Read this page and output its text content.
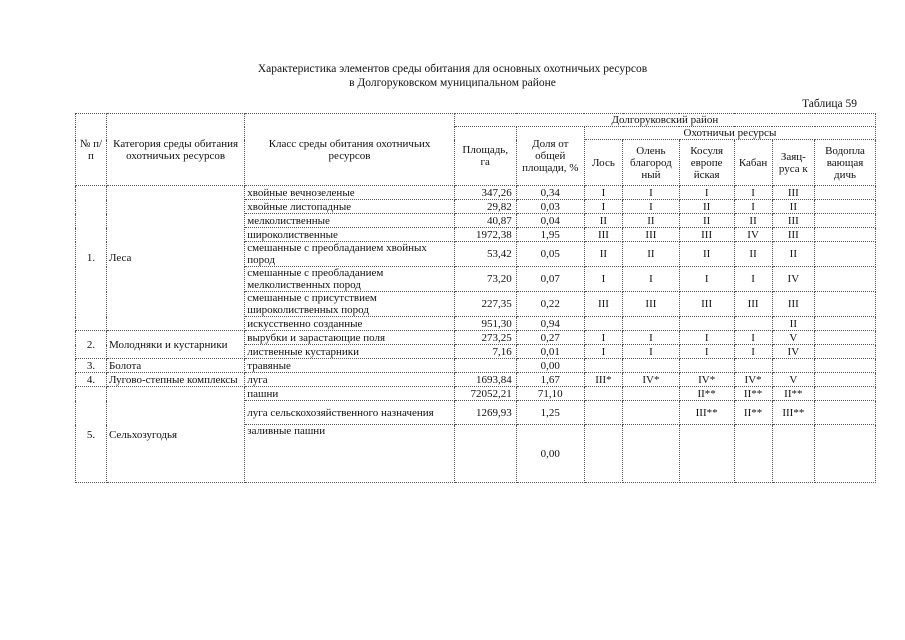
Характеристика элементов среды обитания для основных охотничьих ресурсов
в Долгоруковском муниципальном районе
Таблица 59
№ п/п	Категория среды обитания охотничьих ресурсов	Класс среды обитания охотничьих ресурсов	Долгоруковский район							
			Площадь, га	Доля от общей площади, %	Охотничьи ресурсы					
					Лось	Олень благород ный	Косуля европе йская	Кабан	Заяц-руса к	Водопла вающая дичь
1.	Леса	хвойные вечнозеленые	347,26	0,34	I	I	I	I	III	
		хвойные листопадные	29,82	0,03	I	I	II	I	II	
		мелколиственные	40,87	0,04	II	II	II	II	III	
		широколиственные	1972,38	1,95	III	III	III	IV	III	
		смешанные с преобладанием хвойных пород	53,42	0,05	II	II	II	II	II	
		смешанные с преобладанием мелколиственных пород	73,20	0,07	I	I	I	I	IV	
		смешанные с присутствием широколиственных пород	227,35	0,22	III	III	III	III	III	
		искусственно созданные	951,30	0,94					II	
2.	Молодняки и кустарники	вырубки и зарастающие поля	273,25	0,27	I	I	I	I	V	
		лиственные кустарники	7,16	0,01	I	I	I	I	IV	
3.	Болота	травяные		0,00						
4.	Лугово-степные комплексы	луга	1693,84	1,67	III*	IV*	IV*	IV*	V	
5.	Сельхозугодья	пашни	72052,21	71,10			II**	II**	II**	
		луга сельскохозяйственного назначения	1269,93	1,25			III**	II**	III**	
		заливные пашни		0,00						
